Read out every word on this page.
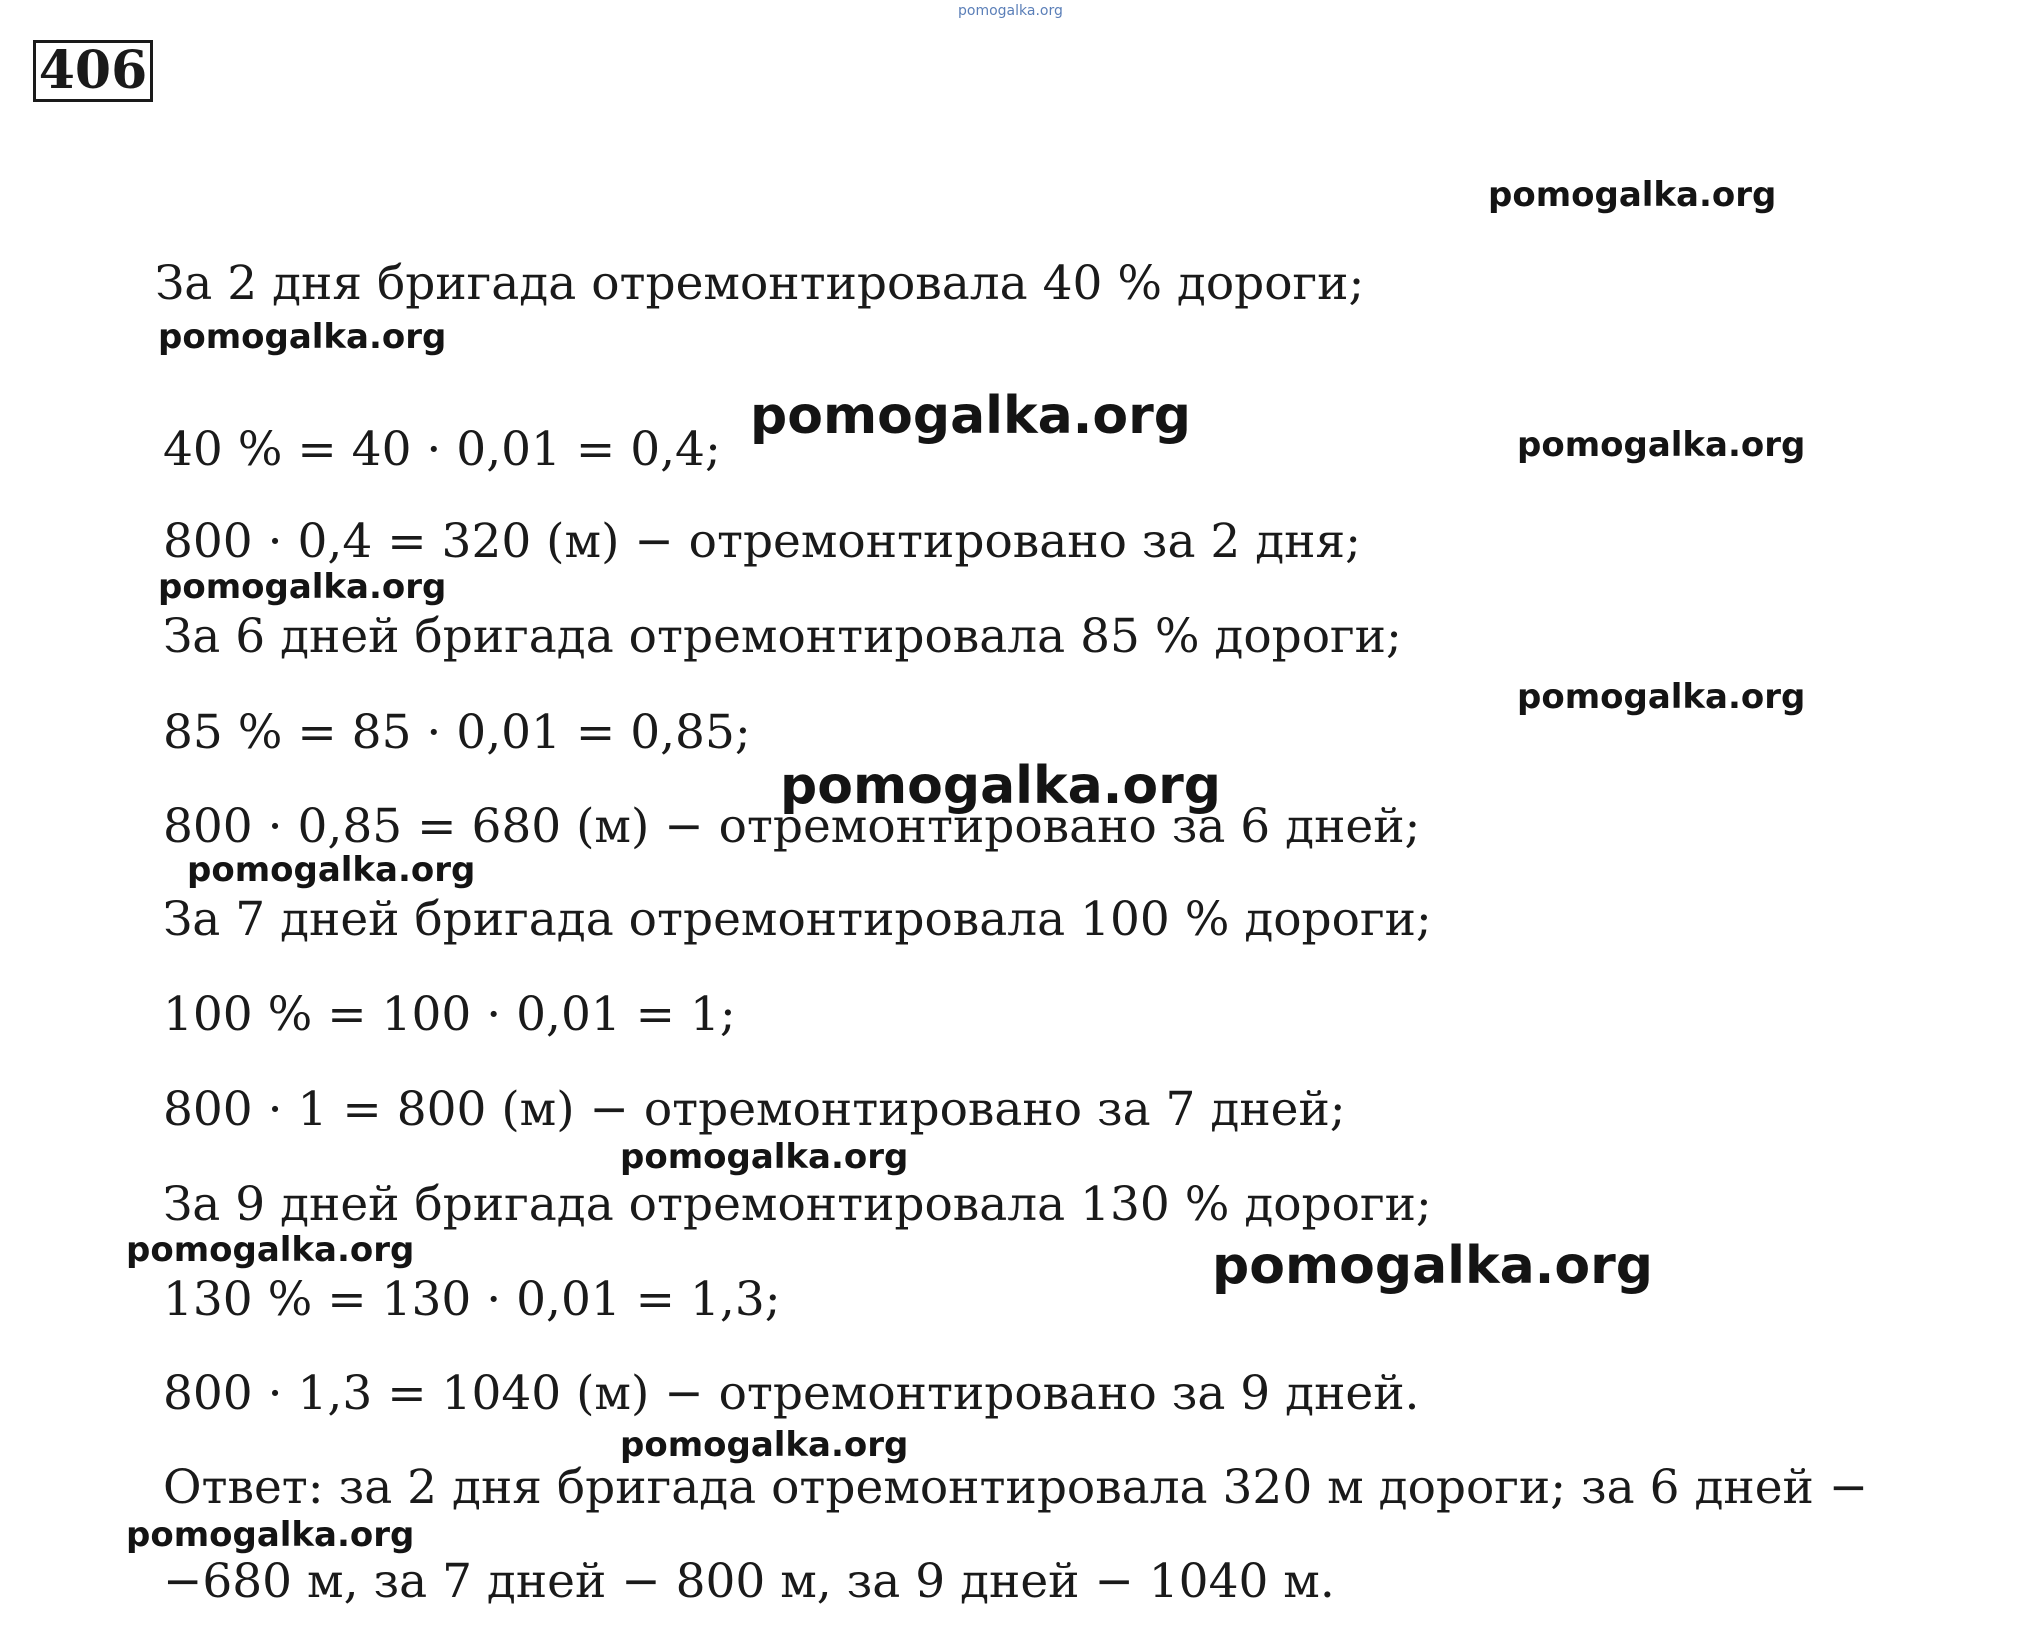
406
pomogalka.org
pomogalka.org
pomogalka.org
pomogalka.org	pomogalka.org
pomogalka.org
pomogalka.org
pomogalka.org
pomogalka.org
pomogalka.org
pomogalka.org	pomogalka.org
pomogalka.org
pomogalka.org
За 2 дня бригада отремонтировала 40 % дороги;
40 % = 40 · 0,01 = 0,4;
800 · 0,4 = 320 (м) − отремонтировано за 2 дня;
За 6 дней бригада отремонтировала 85 % дороги;
85 % = 85 · 0,01 = 0,85;
800 · 0,85 = 680 (м) − отремонтировано за 6 дней;
За 7 дней бригада отремонтировала 100 % дороги;
100 % = 100 · 0,01 = 1;
800 · 1 = 800 (м) − отремонтировано за 7 дней;
За 9 дней бригада отремонтировала 130 % дороги;
130 % = 130 · 0,01 = 1,3;
800 · 1,3 = 1040 (м) − отремонтировано за 9 дней.
Ответ: за 2 дня бригада отремонтировала 320 м дороги; за 6 дней −
−680 м, за 7 дней − 800 м, за 9 дней − 1040 м.
